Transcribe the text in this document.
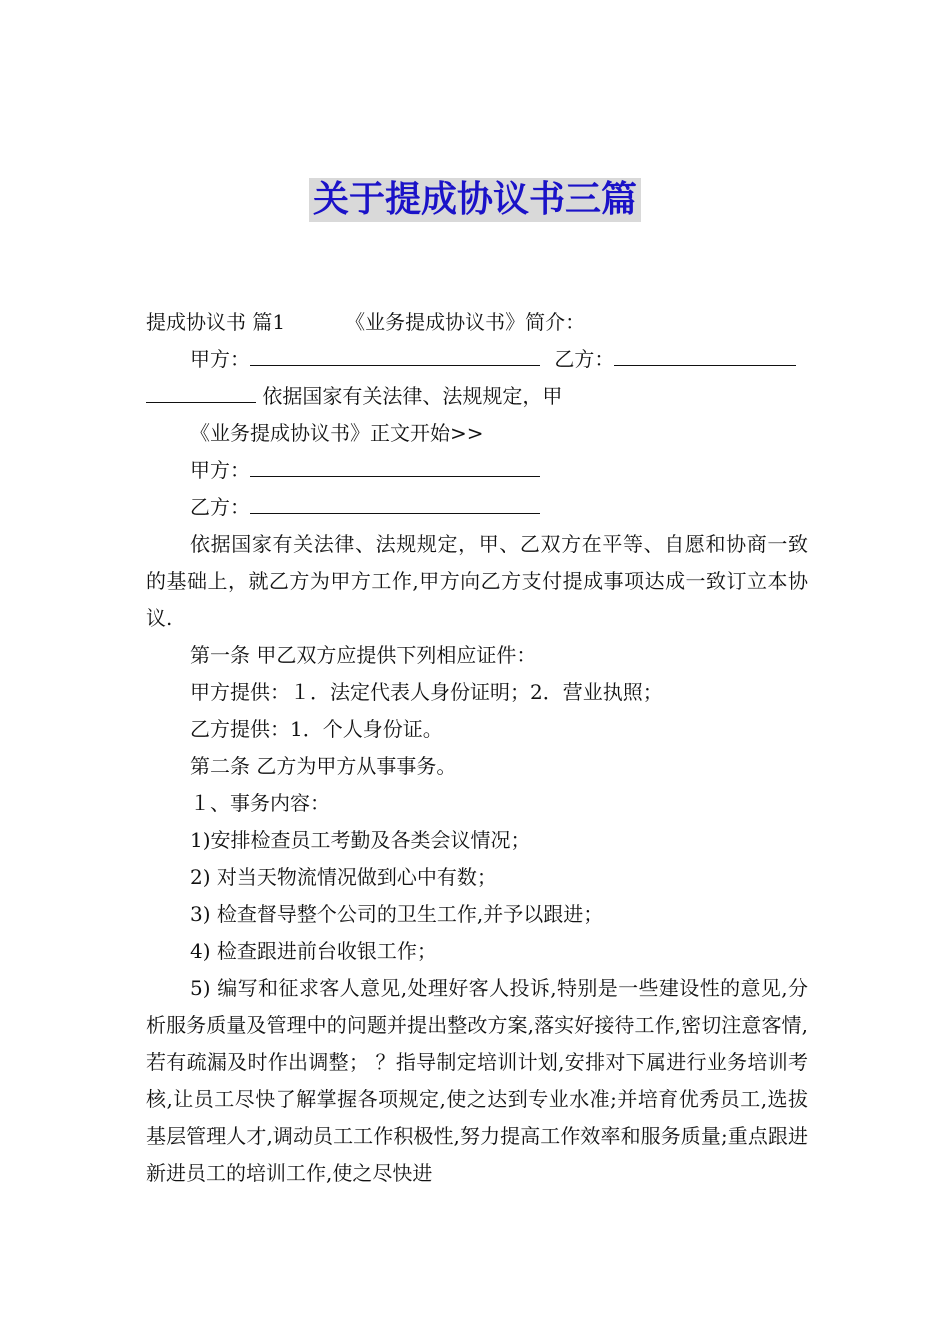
关于提成协议书三篇
提成协议书 篇1	《业务提成协议书》简介：
甲方：	乙方：
依据国家有关法律、法规规定，甲
《业务提成协议书》正文开始>>
甲方：
乙方：
依据国家有关法律、法规规定，甲、乙双方在平等、自愿和协商一致的基础上，就乙方为甲方工作,甲方向乙方支付提成事项达成一致订立本协议.
第一条 甲乙双方应提供下列相应证件：
甲方提供：１．法定代表人身份证明；2．营业执照；
乙方提供：1．个人身份证。
第二条 乙方为甲方从事事务。
１、事务内容：
1)安排检查员工考勤及各类会议情况；
2) 对当天物流情况做到心中有数；
3) 检查督导整个公司的卫生工作,并予以跟进；
4) 检查跟进前台收银工作；
5) 编写和征求客人意见,处理好客人投诉,特别是一些建设性的意见,分析服务质量及管理中的问题并提出整改方案,落实好接待工作,密切注意客情,若有疏漏及时作出调整； ？指导制定培训计划,安排对下属进行业务培训考核,让员工尽快了解掌握各项规定,使之达到专业水准;并培育优秀员工,选拔基层管理人才,调动员工工作积极性,努力提高工作效率和服务质量;重点跟进新进员工的培训工作,使之尽快进
